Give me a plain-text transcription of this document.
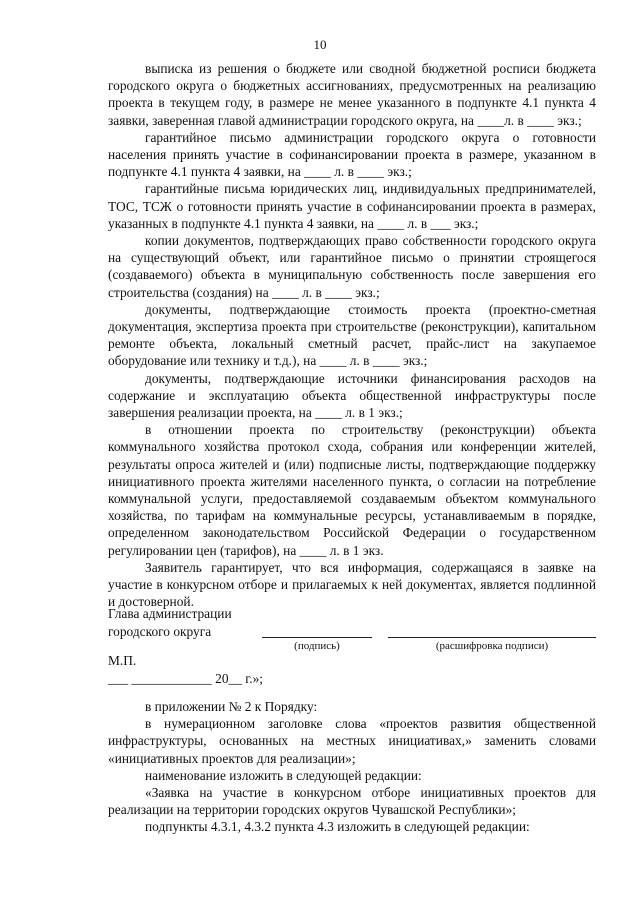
10

выписка из решения о бюджете или сводной бюджетной росписи бюджета городского округа о бюджетных ассигнованиях, предусмотренных на реализацию проекта в текущем году, в размере не менее указанного в подпункте 4.1 пункта 4 заявки, заверенная главой администрации городского округа, на ____л. в ____ экз.;

гарантийное письмо администрации городского округа о готовности населения принять участие в софинансировании проекта в размере, указанном в подпункте 4.1 пункта 4 заявки, на ____ л. в ____ экз.;

гарантийные письма юридических лиц, индивидуальных предпринимателей, ТОС, ТСЖ о готовности принять участие в софинансировании проекта в размерах, указанных в подпункте 4.1 пункта 4 заявки, на ____ л. в ___ экз.;

копии документов, подтверждающих право собственности городского округа на существующий объект, или гарантийное письмо о принятии строящегося (создаваемого) объекта в муниципальную собственность после завершения его строительства (создания) на ____ л. в ____ экз.;

документы, подтверждающие стоимость проекта (проектно-сметная документация, экспертиза проекта при строительстве (реконструкции), капитальном ремонте объекта, локальный сметный расчет, прайс-лист на закупаемое оборудование или технику и т.д.), на ____ л. в ____ экз.;

документы, подтверждающие источники финансирования расходов на содержание и эксплуатацию объекта общественной инфраструктуры после завершения реализации проекта, на ____ л. в 1 экз.;

в отношении проекта по строительству (реконструкции) объекта коммунального хозяйства протокол схода, собрания или конференции жителей, результаты опроса жителей и (или) подписные листы, подтверждающие поддержку инициативного проекта жителями населенного пункта, о согласии на потребление коммунальной услуги, предоставляемой создаваемым объектом коммунального хозяйства, по тарифам на коммунальные ресурсы, устанавливаемым в порядке, определенном законодательством Российской Федерации о государственном регулировании цен (тарифов), на ____ л. в 1 экз.

Заявитель гарантирует, что вся информация, содержащаяся в заявке на участие в конкурсном отборе и прилагаемых к ней документах, является подлинной и достоверной.

Глава администрации
городского округа
(подпись)	(расшифровка подписи)
М.П.
___ ____________ 20__ г.»;

в приложении № 2 к Порядку:

в нумерационном заголовке слова «проектов развития общественной инфраструктуры, основанных на местных инициативах,» заменить словами «инициативных проектов для реализации»;

наименование изложить в следующей редакции:

«Заявка на участие в конкурсном отборе инициативных проектов для реализации на территории городских округов Чувашской Республики»;

подпункты 4.3.1, 4.3.2 пункта 4.3 изложить в следующей редакции:
